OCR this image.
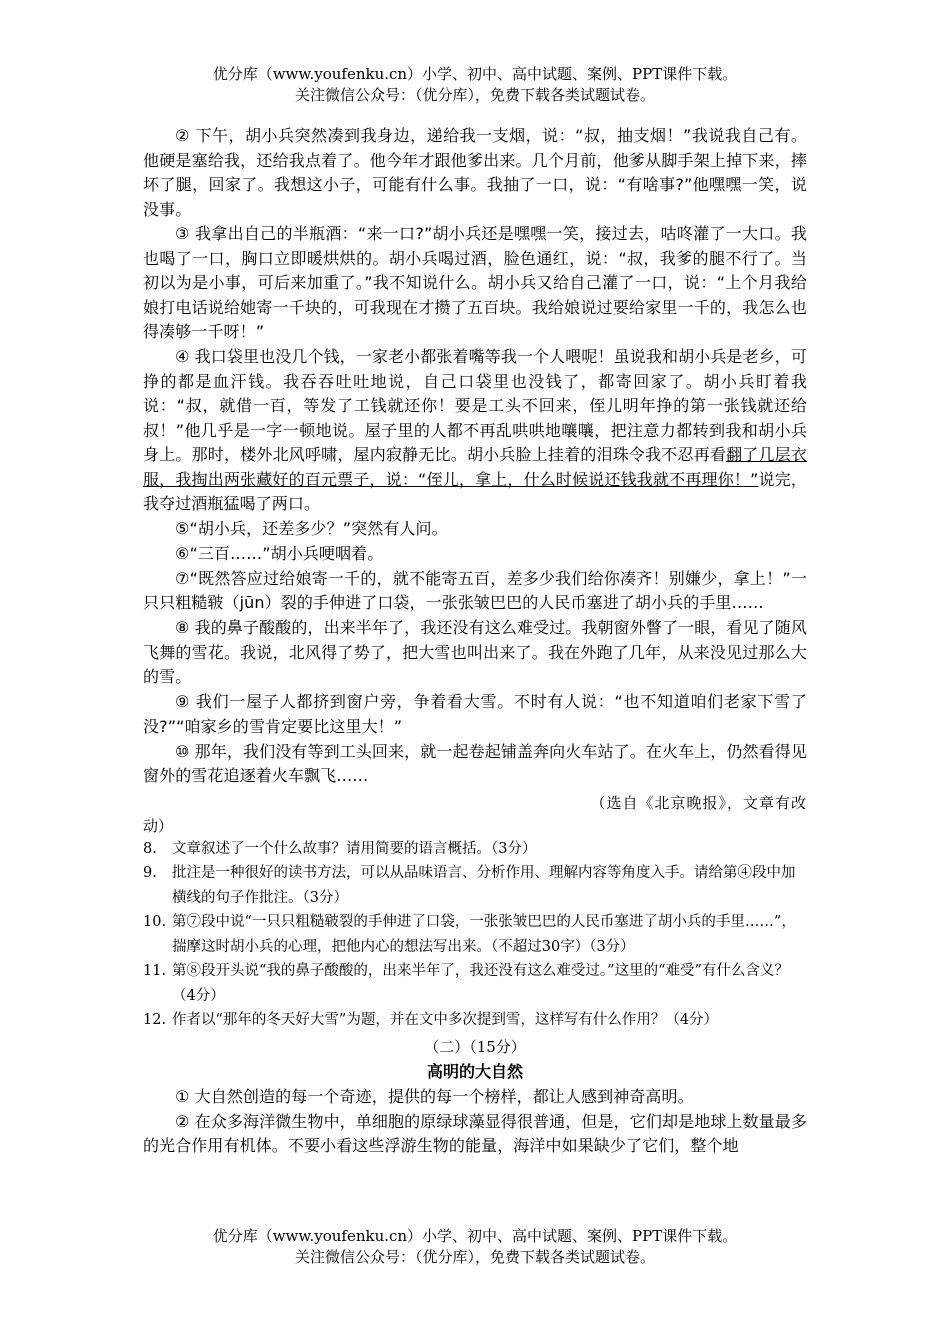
优分库（www.youfenku.cn）小学、初中、高中试题、案例、PPT课件下载。
关注微信公众号：（优分库），免费下载各类试题试卷。

② 下午，胡小兵突然凑到我身边，递给我一支烟，说：“叔，抽支烟！”我说我自己有。他硬是塞给我，还给我点着了。他今年才跟他爹出来。几个月前，他爹从脚手架上掉下来，摔坏了腿，回家了。我想这小子，可能有什么事。我抽了一口，说：“有啥事?”他嘿嘿一笑，说没事。

③ 我拿出自己的半瓶酒：“来一口?”胡小兵还是嘿嘿一笑，接过去，咕咚灌了一大口。我也喝了一口，胸口立即暖烘烘的。胡小兵喝过酒，脸色通红，说：“叔，我爹的腿不行了。当初以为是小事，可后来加重了。”我不知说什么。胡小兵又给自己灌了一口，说：“上个月我给娘打电话说给她寄一千块的，可我现在才攒了五百块。我给娘说过要给家里一千的，我怎么也得凑够一千呀！”

④ 我口袋里也没几个钱，一家老小都张着嘴等我一个人喂呢！虽说我和胡小兵是老乡，可挣的都是血汗钱。我吞吞吐吐地说，自己口袋里也没钱了，都寄回家了。胡小兵盯着我说：“叔，就借一百，等发了工钱就还你！要是工头不回来，侄儿明年挣的第一张钱就还给叔！”他几乎是一字一顿地说。屋子里的人都不再乱哄哄地嚷嚷，把注意力都转到我和胡小兵身上。那时，楼外北风呼啸，屋内寂静无比。胡小兵脸上挂着的泪珠令我不忍再看翻了几层衣服，我掏出两张藏好的百元票子，说：“侄儿，拿上，什么时候说还钱我就不再理你！”说完，我夺过酒瓶猛喝了两口。

⑤“胡小兵，还差多少？”突然有人问。

⑥“三百……”胡小兵哽咽着。

⑦“既然答应过给娘寄一千的，就不能寄五百，差多少我们给你凑齐！别嫌少，拿上！”一只只粗糙皲（jūn）裂的手伸进了口袋，一张张皱巴巴的人民币塞进了胡小兵的手里……

⑧ 我的鼻子酸酸的，出来半年了，我还没有这么难受过。我朝窗外瞥了一眼，看见了随风飞舞的雪花。我说，北风得了势了，把大雪也叫出来了。我在外跑了几年，从来没见过那么大的雪。

⑨ 我们一屋子人都挤到窗户旁，争着看大雪。不时有人说：“也不知道咱们老家下雪了没?”“咱家乡的雪肯定要比这里大！”

⑩ 那年，我们没有等到工头回来，就一起卷起铺盖奔向火车站了。在火车上，仍然看得见窗外的雪花追逐着火车飘飞……

（选自《北京晚报》，文章有改
动）

8. 文章叙述了一个什么故事？请用简要的语言概括。（3分）

9. 批注是一种很好的读书方法，可以从品味语言、分析作用、理解内容等角度入手。请给第④段中加横线的句子作批注。（3分）

10. 第⑦段中说“一只只粗糙皲裂的手伸进了口袋，一张张皱巴巴的人民币塞进了胡小兵的手里……”，揣摩这时胡小兵的心理，把他内心的想法写出来。（不超过30字）（3分）

11. 第⑧段开头说“我的鼻子酸酸的，出来半年了，我还没有这么难受过。”这里的“难受”有什么含义？（4分）

12. 作者以“那年的冬天好大雪”为题，并在文中多次提到雪，这样写有什么作用？（4分）

（二）（15分）
高明的大自然

① 大自然创造的每一个奇迹，提供的每一个榜样，都让人感到神奇高明。

② 在众多海洋微生物中，单细胞的原绿球藻显得很普通，但是，它们却是地球上数量最多的光合作用有机体。不要小看这些浮游生物的能量，海洋中如果缺少了它们，整个地

优分库（www.youfenku.cn）小学、初中、高中试题、案例、PPT课件下载。
关注微信公众号：（优分库），免费下载各类试题试卷。
